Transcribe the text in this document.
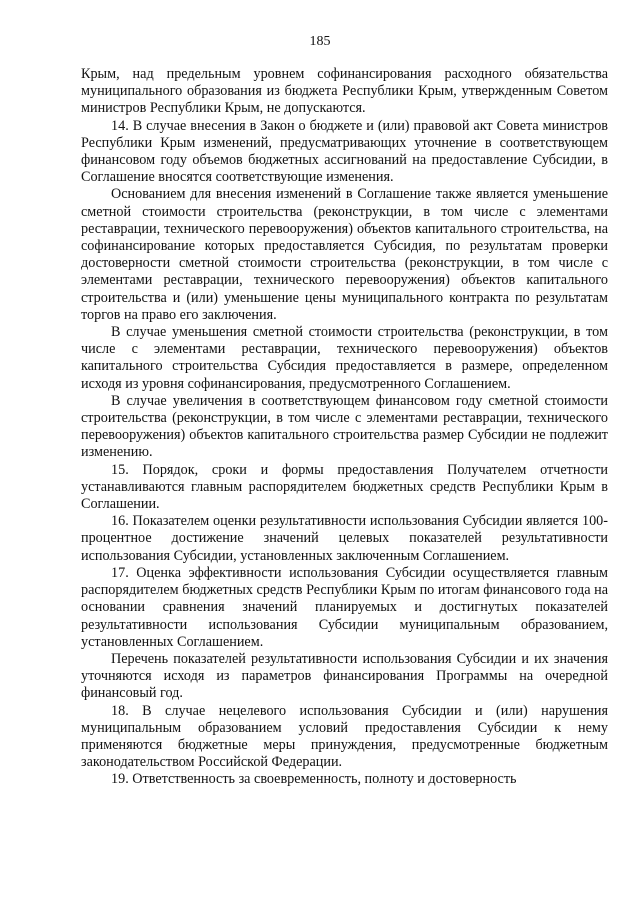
185

Крым, над предельным уровнем софинансирования расходного обязательства муниципального образования из бюджета Республики Крым, утвержденным Советом министров Республики Крым, не допускаются.

14. В случае внесения в Закон о бюджете и (или) правовой акт Совета министров Республики Крым изменений, предусматривающих уточнение в соответствующем финансовом году объемов бюджетных ассигнований на предоставление Субсидии, в Соглашение вносятся соответствующие изменения.

Основанием для внесения изменений в Соглашение также является уменьшение сметной стоимости строительства (реконструкции, в том числе с элементами реставрации, технического перевооружения) объектов капитального строительства, на софинансирование которых предоставляется Субсидия, по результатам проверки достоверности сметной стоимости строительства (реконструкции, в том числе с элементами реставрации, технического перевооружения) объектов капитального строительства и (или) уменьшение цены муниципального контракта по результатам торгов на право его заключения.

В случае уменьшения сметной стоимости строительства (реконструкции, в том числе с элементами реставрации, технического перевооружения) объектов капитального строительства Субсидия предоставляется в размере, определенном исходя из уровня софинансирования, предусмотренного Соглашением.

В случае увеличения в соответствующем финансовом году сметной стоимости строительства (реконструкции, в том числе с элементами реставрации, технического перевооружения) объектов капитального строительства размер Субсидии не подлежит изменению.

15. Порядок, сроки и формы предоставления Получателем отчетности устанавливаются главным распорядителем бюджетных средств Республики Крым в Соглашении.

16. Показателем оценки результативности использования Субсидии является 100-процентное достижение значений целевых показателей результативности использования Субсидии, установленных заключенным Соглашением.

17. Оценка эффективности использования Субсидии осуществляется главным распорядителем бюджетных средств Республики Крым по итогам финансового года на основании сравнения значений планируемых и достигнутых показателей результативности использования Субсидии муниципальным образованием, установленных Соглашением.

Перечень показателей результативности использования Субсидии и их значения уточняются исходя из параметров финансирования Программы на очередной финансовый год.

18. В случае нецелевого использования Субсидии и (или) нарушения муниципальным образованием условий предоставления Субсидии к нему применяются бюджетные меры принуждения, предусмотренные бюджетным законодательством Российской Федерации.

19. Ответственность за своевременность, полноту и достоверность
